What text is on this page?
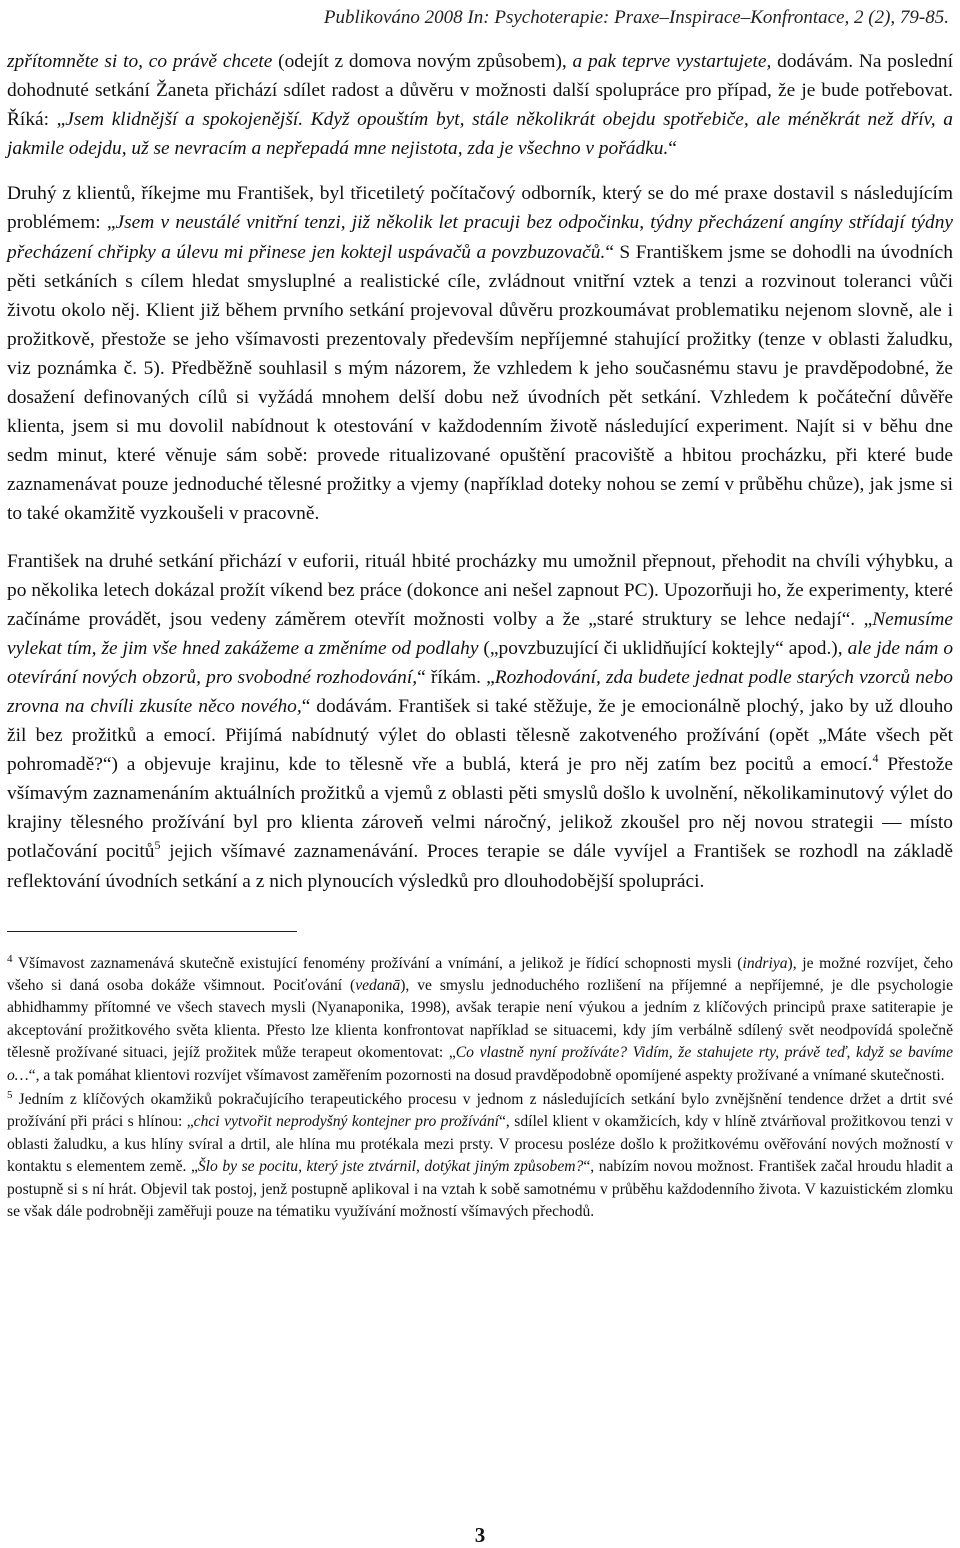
Publikováno 2008 In: Psychoterapie: Praxe–Inspirace–Konfrontace, 2 (2), 79-85.

zpřítomněte si to, co právě chcete (odejít z domova novým způsobem), a pak teprve vystartujete, dodávám. Na poslední dohodnuté setkání Žaneta přichází sdílet radost a důvěru v možnosti další spolupráce pro případ, že je bude potřebovat. Říká: „Jsem klidnější a spokojenější. Když opouštím byt, stále několikrát obejdu spotřebiče, ale méněkrát než dřív, a jakmile odejdu, už se nevracím a nepřepadá mne nejistota, zda je všechno v pořádku.“

Druhý z klientů, říkejme mu František, byl třicetiletý počítačový odborník, který se do mé praxe dostavil s následujícím problémem: „Jsem v neustálé vnitřní tenzi, již několik let pracuji bez odpočinku, týdny přecházení angíny střídají týdny přecházení chřipky a úlevu mi přinese jen koktejl uspávačů a povzbuzovačů.“ S Františkem jsme se dohodli na úvodních pěti setkáních s cílem hledat smysluplné a realistické cíle, zvládnout vnitřní vztek a tenzi a rozvinout toleranci vůči životu okolo něj. Klient již během prvního setkání projevoval důvěru prozkoumávat problematiku nejenom slovně, ale i prožitkově, přestože se jeho všímavosti prezentovaly především nepříjemné stahující prožitky (tenze v oblasti žaludku, viz poznámka č. 5). Předběžně souhlasil s mým názorem, že vzhledem k jeho současnému stavu je pravděpodobné, že dosažení definovaných cílů si vyžádá mnohem delší dobu než úvodních pět setkání. Vzhledem k počáteční důvěře klienta, jsem si mu dovolil nabídnout k otestování v každodenním životě následující experiment. Najít si v běhu dne sedm minut, které věnuje sám sobě: provede ritualizované opuštění pracoviště a hbitou procházku, při které bude zaznamenávat pouze jednoduché tělesné prožitky a vjemy (například doteky nohou se zemí v průběhu chůze), jak jsme si to také okamžitě vyzkoušeli v pracovně.

František na druhé setkání přichází v euforii, rituál hbité procházky mu umožnil přepnout, přehodit na chvíli výhybku, a po několika letech dokázal prožít víkend bez práce (dokonce ani nešel zapnout PC). Upozorňuji ho, že experimenty, které začínáme provádět, jsou vedeny záměrem otevřít možnosti volby a že „staré struktury se lehce nedají“. „Nemusíme vylekat tím, že jim vše hned zakážeme a změníme od podlahy („povzbuzující či uklidňující koktejly“ apod.), ale jde nám o otevírání nových obzorů, pro svobodné rozhodování,“ říkám. „Rozhodování, zda budete jednat podle starých vzorců nebo zrovna na chvíli zkusíte něco nového,“ dodávám. František si také stěžuje, že je emocionálně plochý, jako by už dlouho žil bez prožitků a emocí. Přijímá nabídnutý výlet do oblasti tělesně zakotveného prožívání (opět „Máte všech pět pohromadě?“) a objevuje krajinu, kde to tělesně vře a bublá, která je pro něj zatím bez pocitů a emocí.$^4$ Přestože všímavým zaznamenáním aktuálních prožitků a vjemů z oblasti pěti smyslů došlo k uvolnění, několikaminutový výlet do krajiny tělesného prožívání byl pro klienta zároveň velmi náročný, jelikož zkoušel pro něj novou strategii — místo potlačování pocitů$^5$ jejich všímavé zaznamenávání. Proces terapie se dále vyvíjel a František se rozhodl na základě reflektování úvodních setkání a z nich plynoucích výsledků pro dlouhodobější spolupráci.

$^4$ Všímavost zaznamenává skutečně existující fenomény prožívání a vnímání, a jelikož je řídící schopnosti mysli (indriya), je možné rozvíjet, čeho všeho si daná osoba dokáže všimnout. Pociťování (vedanā), ve smyslu jednoduchého rozlišení na příjemné a nepříjemné, je dle psychologie abhidhammy přítomné ve všech stavech mysli (Nyanaponika, 1998), avšak terapie není výukou a jedním z klíčových principů praxe satiterapie je akceptování prožitkového světa klienta. Přesto lze klienta konfrontovat například se situacemi, kdy jím verbálně sdílený svět neodpovídá společně tělesně prožívané situaci, jejíž prožitek může terapeut okomentovat: „Co vlastně nyní prožíváte? Vidím, že stahujete rty, právě teď, když se bavíme o…“, a tak pomáhat klientovi rozvíjet všímavost zaměřením pozornosti na dosud pravděpodobně opomíjené aspekty prožívané a vnímané skutečnosti.

$^5$ Jedním z klíčových okamžiků pokračujícího terapeutického procesu v jednom z následujících setkání bylo zvnějšnění tendence držet a drtit své prožívání při práci s hlínou: „chci vytvořit neprodyšný kontejner pro prožívání“, sdílel klient v okamžicích, kdy v hlíně ztvárňoval prožitkovou tenzi v oblasti žaludku, a kus hlíny svíral a drtil, ale hlína mu protékala mezi prsty. V procesu posléze došlo k prožitkovému ověřování nových možností v kontaktu s elementem země. „Šlo by se pocitu, který jste ztvárnil, dotýkat jiným způsobem?“, nabízím novou možnost. František začal hroudu hladit a postupně si s ní hrát. Objevil tak postoj, jenž postupně aplikoval i na vztah k sobě samotnému v průběhu každodenního života. V kazuistickém zlomku se však dále podrobněji zaměřuji pouze na tématiku využívání možností všímavých přechodů.

3
